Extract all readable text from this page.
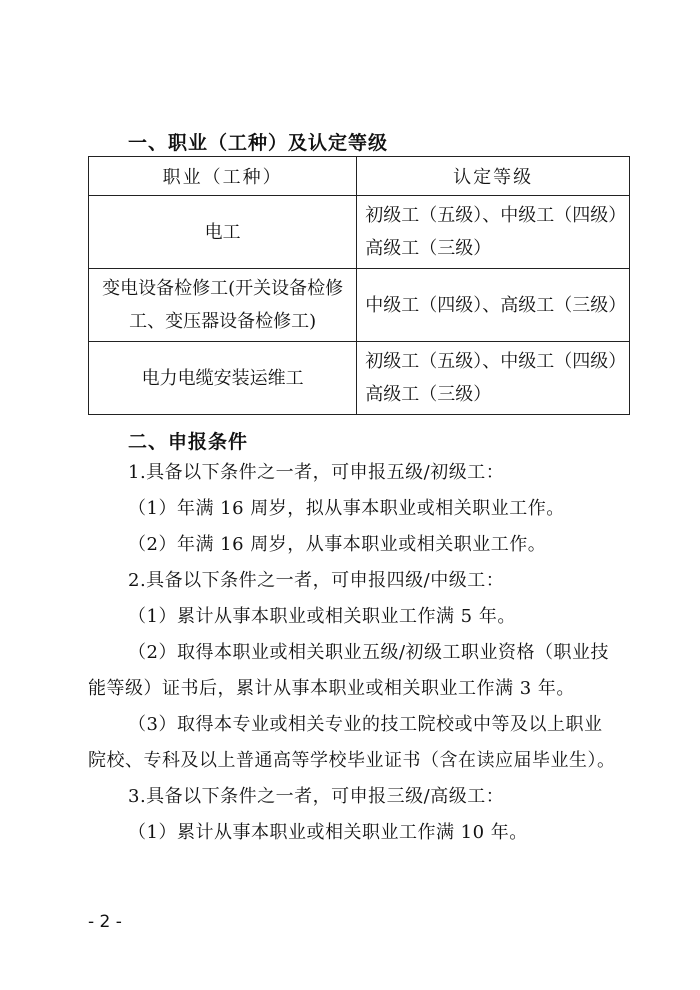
一、职业（工种）及认定等级
职业（工种）	认定等级

电工	初级工（五级）、中级工（四级）
高级工（三级）

变电设备检修工(开关设备检修
工、变压器设备检修工)	中级工（四级）、高级工（三级）

电力电缆安装运维工	初级工（五级）、中级工（四级）
高级工（三级）
二、申报条件
1.具备以下条件之一者，可申报五级/初级工：
（1）年满 16 周岁，拟从事本职业或相关职业工作。
（2）年满 16 周岁，从事本职业或相关职业工作。
2.具备以下条件之一者，可申报四级/中级工：
（1）累计从事本职业或相关职业工作满 5 年。
（2）取得本职业或相关职业五级/初级工职业资格（职业技
能等级）证书后，累计从事本职业或相关职业工作满 3 年。
（3）取得本专业或相关专业的技工院校或中等及以上职业
院校、专科及以上普通高等学校毕业证书（含在读应届毕业生）。
3.具备以下条件之一者，可申报三级/高级工：
（1）累计从事本职业或相关职业工作满 10 年。
- 2 -
